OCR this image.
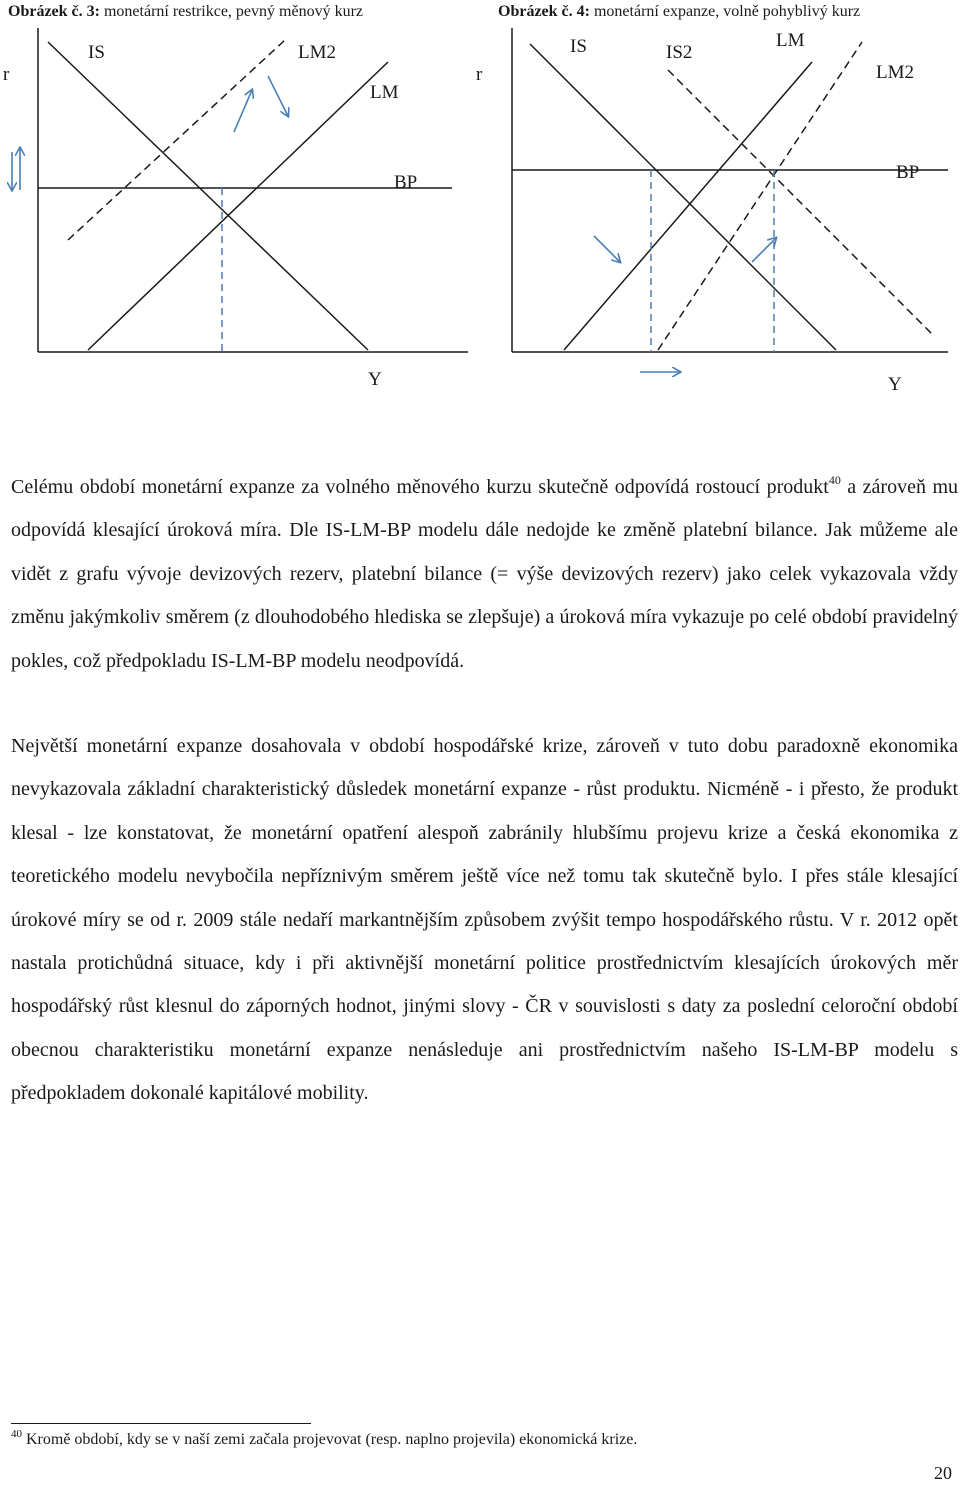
Obrázek č. 3: monetární restrikce, pevný měnový kurz
r
Y
IS	LM2
LM
BP
Obrázek č. 4: monetární expanze, volně pohyblivý kurz
r
Y
IS	IS2
LM
LM2
BP

Celému období monetární expanze za volného měnového kurzu skutečně odpovídá rostoucí produkt$^{40}$ a zároveň mu odpovídá klesající úroková míra. Dle IS-LM-BP modelu dále nedojde ke změně platební bilance. Jak můžeme ale vidět z grafu vývoje devizových rezerv, platební bilance (= výše devizových rezerv) jako celek vykazovala vždy změnu jakýmkoliv směrem (z dlouhodobého hlediska se zlepšuje) a úroková míra vykazuje po celé období pravidelný pokles, což předpokladu IS-LM-BP modelu neodpovídá.

Největší monetární expanze dosahovala v období hospodářské krize, zároveň v tuto dobu paradoxně ekonomika nevykazovala základní charakteristický důsledek monetární expanze - růst produktu. Nicméně - i přesto, že produkt klesal - lze konstatovat, že monetární opatření alespoň zabránily hlubšímu projevu krize a česká ekonomika z teoretického modelu nevybočila nepříznivým směrem ještě více než tomu tak skutečně bylo. I přes stále klesající úrokové míry se od r. 2009 stále nedaří markantnějším způsobem zvýšit tempo hospodářského růstu. V r. 2012 opět nastala protichůdná situace, kdy i při aktivnější monetární politice prostřednictvím klesajících úrokových měr hospodářský růst klesnul do záporných hodnot, jinými slovy - ČR v souvislosti s daty za poslední celoroční období obecnou charakteristiku monetární expanze nenásleduje ani prostřednictvím našeho IS-LM-BP modelu s předpokladem dokonalé kapitálové mobility.

$^{40}$ Kromě období, kdy se v naší zemi začala projevovat (resp. naplno projevila) ekonomická krize.
20
